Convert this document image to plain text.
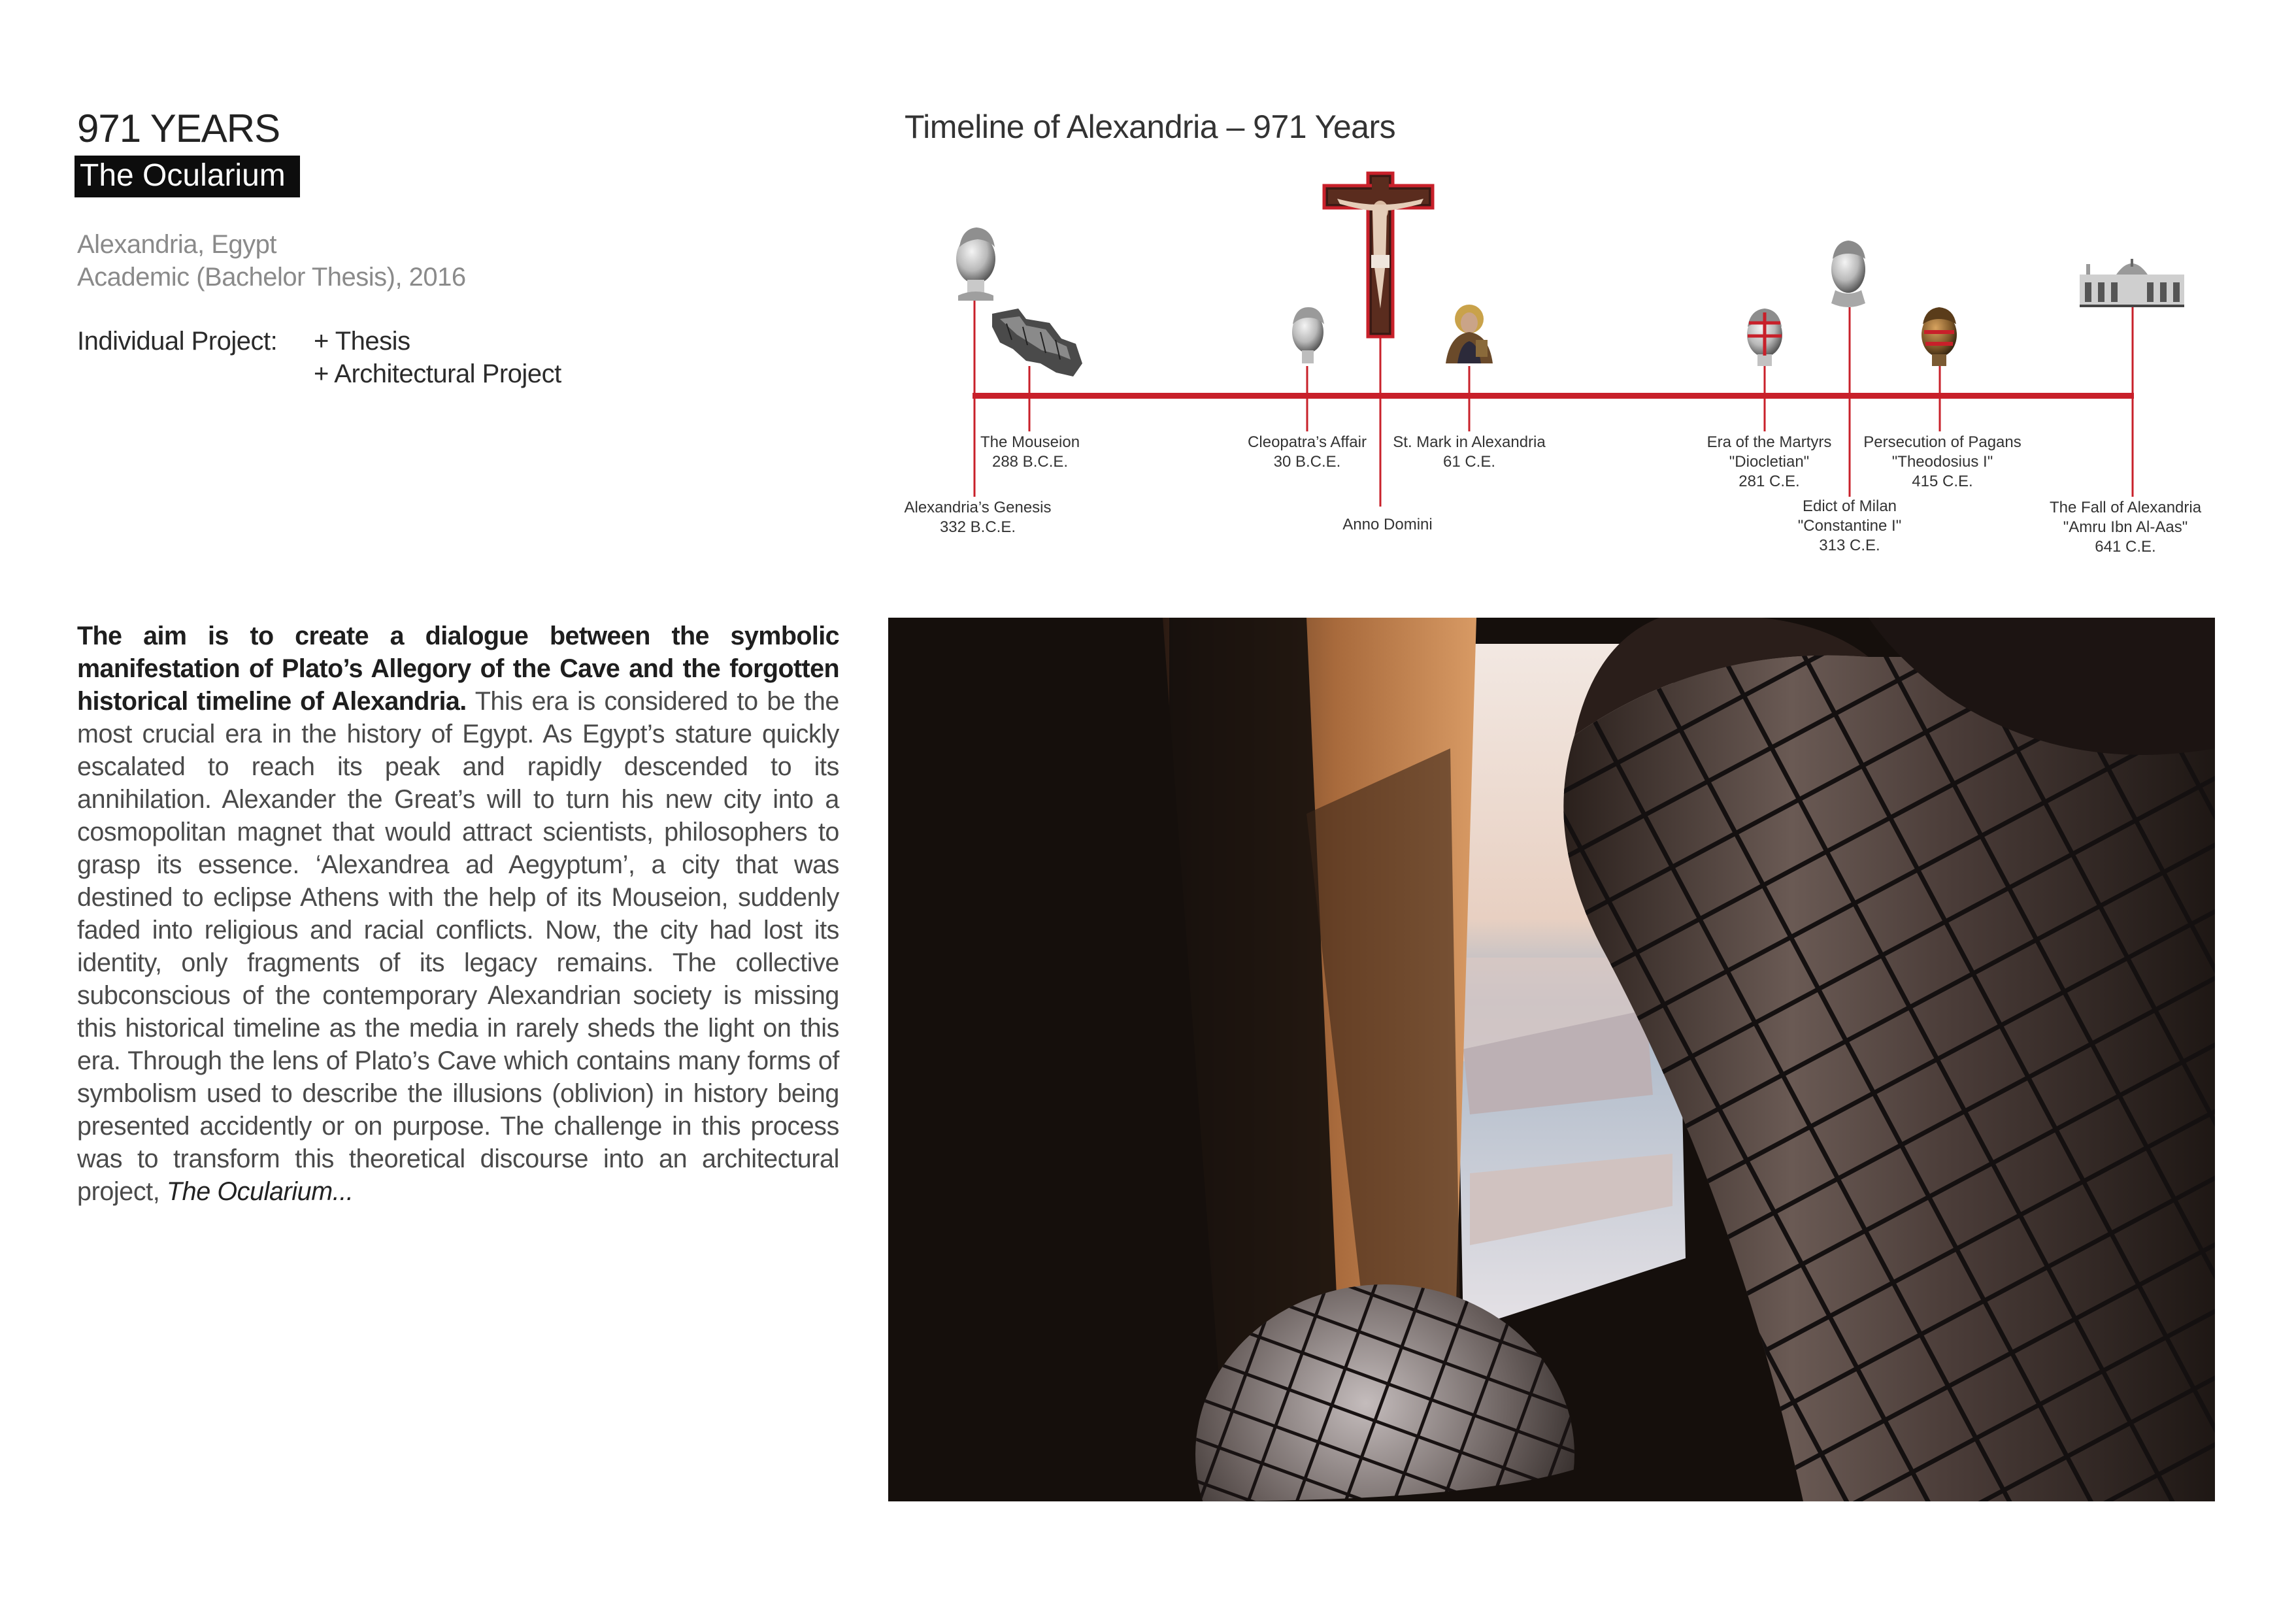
971 YEARS
The Ocularium
Alexandria, Egypt
Academic (Bachelor Thesis), 2016
Individual Project: + Thesis
+ Architectural Project
The aim is to create a dialogue between the symbolic manifestation of Plato’s Allegory of the Cave and the forgotten historical timeline of Alexandria. This era is considered to be the most crucial era in the history of Egypt. As Egypt’s stature quickly escalated to reach its peak and rapidly descended to its annihilation. Alexander the Great’s will to turn his new city into a cosmopolitan magnet that would attract scientists, philosophers to grasp its essence. ‘Alexandrea ad Aegyptum’, a city that was destined to eclipse Athens with the help of its Mouseion, suddenly faded into religious and racial conflicts. Now, the city had lost its identity, only fragments of its legacy remains. The collective subconscious of the contemporary Alexandrian society is missing this historical timeline as the media in rarely sheds the light on this era. Through the lens of Plato’s Cave which contains many forms of symbolism used to describe the illusions (oblivion) in history being presented accidently or on purpose. The challenge in this process was to transform this theoretical discourse into an architectural project, The Ocularium...
Timeline of Alexandria – 971 Years
The Mouseion
288 B.C.E.
Cleopatra’s Affair
30 B.C.E.
St. Mark in Alexandria
61 C.E.
Era of the Martyrs
"Diocletian"
281 C.E.
Persecution of Pagans
"Theodosius I"
415 C.E.
Alexandria’s Genesis
332 B.C.E.	Anno Domini
Edict of Milan
"Constantine I"
313 C.E.
The Fall of Alexandria
"Amru Ibn Al-Aas"
641 C.E.
